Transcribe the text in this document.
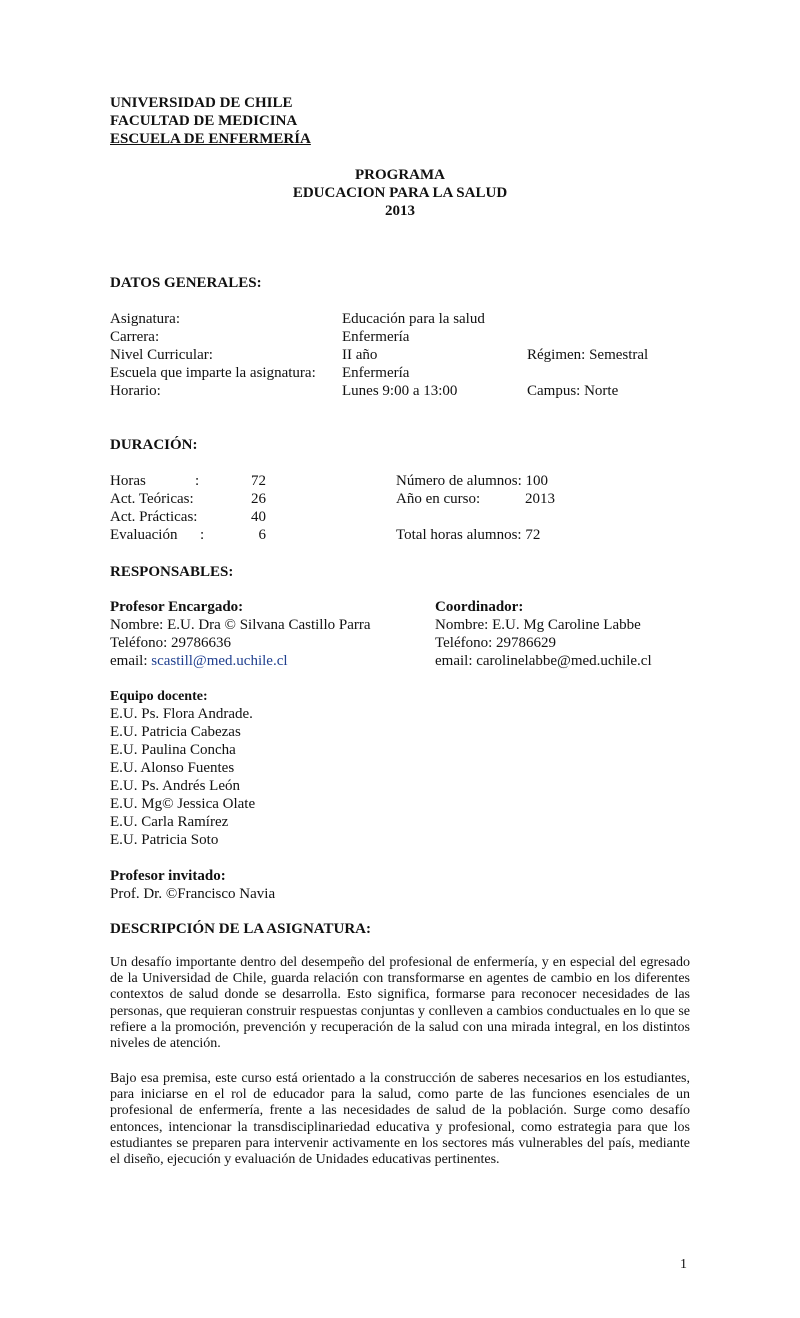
UNIVERSIDAD DE CHILE
FACULTAD DE MEDICINA
ESCUELA DE ENFERMERÍA
PROGRAMA
EDUCACION PARA LA SALUD
2013
DATOS GENERALES:
Asignatura:
Carrera:
Nivel Curricular:
Escuela que imparte la asignatura:
Horario:
Educación para la salud
Enfermería
II año
Enfermería
Lunes 9:00 a 13:00
Régimen: Semestral
Campus: Norte
DURACIÓN:
Horas
Act. Teóricas:
Act. Prácticas:
Evaluación
:
:
72
26
40
6
Número de alumnos: 100
Año en curso:	2013
Total horas alumnos: 72
RESPONSABLES:
Profesor Encargado:
Nombre: E.U. Dra © Silvana Castillo Parra
Teléfono: 29786636
email: scastill@med.uchile.cl
Coordinador:
Nombre: E.U. Mg Caroline Labbe
Teléfono: 29786629
email: carolinelabbe@med.uchile.cl
Equipo docente:
E.U. Ps. Flora Andrade.
E.U. Patricia Cabezas
E.U. Paulina Concha
E.U. Alonso Fuentes
E.U. Ps. Andrés León
E.U. Mg© Jessica Olate
E.U. Carla Ramírez
E.U. Patricia Soto
Profesor invitado:
Prof. Dr. ©Francisco Navia
DESCRIPCIÓN DE LA ASIGNATURA:
Un desafío importante dentro del desempeño del profesional de enfermería, y en especial del egresado de la Universidad de Chile, guarda relación con transformarse en agentes de cambio en los diferentes contextos de salud donde se desarrolla. Esto significa, formarse para reconocer necesidades de las personas, que requieran construir respuestas conjuntas y conlleven a cambios conductuales en lo que se refiere a la promoción, prevención y recuperación de la salud con una mirada integral, en los distintos niveles de atención.
Bajo esa premisa, este curso está orientado a la construcción de saberes necesarios en los estudiantes, para iniciarse en el rol de educador para la salud, como parte de las funciones esenciales de un profesional de enfermería, frente a las necesidades de salud de la población. Surge como desafío entonces, intencionar la transdisciplinariedad educativa y profesional, como estrategia para que los estudiantes se preparen para intervenir activamente en los sectores más vulnerables del país, mediante el diseño, ejecución y evaluación de Unidades educativas pertinentes.
1
